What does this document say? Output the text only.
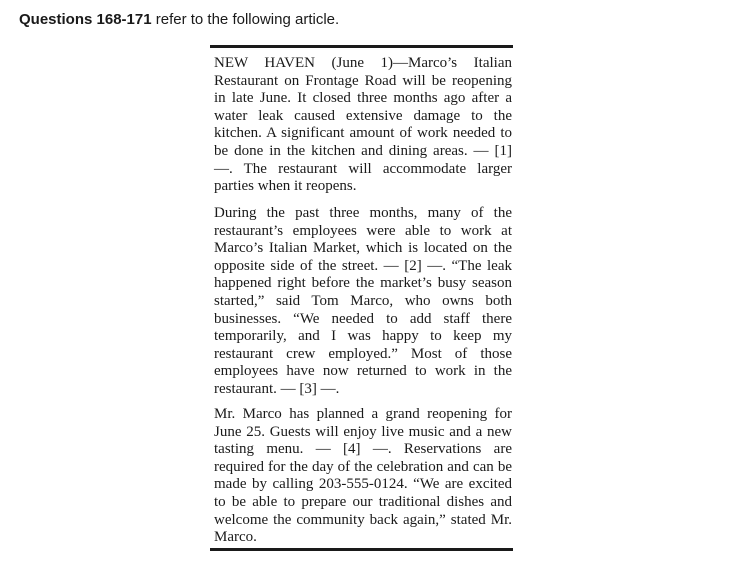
Questions 168-171 refer to the following article.

NEW HAVEN (June 1)—Marco’s Italian Restaurant on Frontage Road will be reopening in late June. It closed three months ago after a water leak caused extensive damage to the kitchen. A significant amount of work needed to be done in the kitchen and dining areas. — [1] —. The restaurant will accommodate larger parties when it reopens.

During the past three months, many of the restaurant’s employees were able to work at Marco’s Italian Market, which is located on the opposite side of the street. — [2] —. “The leak happened right before the market’s busy season started,” said Tom Marco, who owns both businesses. “We needed to add staff there temporarily, and I was happy to keep my restaurant crew employed.” Most of those employees have now returned to work in the restaurant. — [3] —.

Mr. Marco has planned a grand reopening for June 25. Guests will enjoy live music and a new tasting menu. — [4] —. Reservations are required for the day of the celebration and can be made by calling 203-555-0124. “We are excited to be able to prepare our traditional dishes and welcome the community back again,” stated Mr. Marco.
